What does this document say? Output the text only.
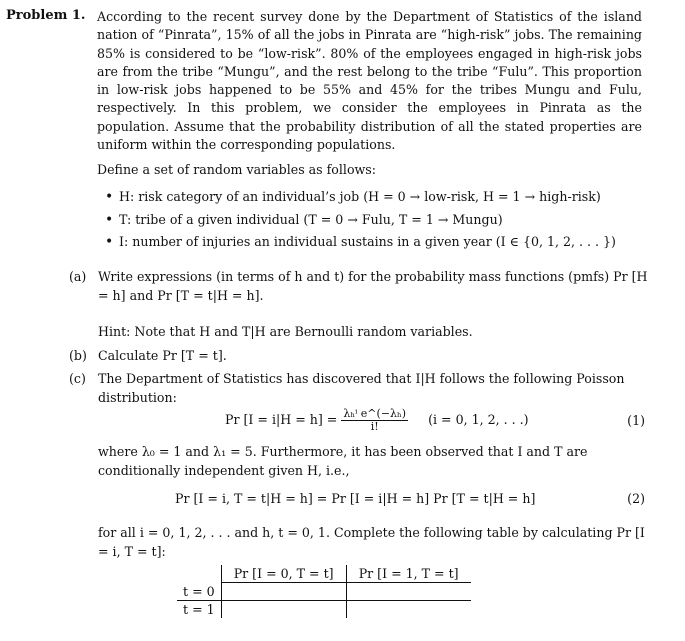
Problem 1. According to the recent survey done by the Department of Statistics of the island nation of “Pinrata”, 15% of all the jobs in Pinrata are “high-risk” jobs. The remaining 85% is considered to be “low-risk”. 80% of the employees engaged in high-risk jobs are from the tribe “Mungu”, and the rest belong to the tribe “Fulu”. This proportion in low-risk jobs happened to be 55% and 45% for the tribes Mungu and Fulu, respectively. In this problem, we consider the employees in Pinrata as the population. Assume that the probability distribution of all the stated properties are uniform within the corresponding populations.

Define a set of random variables as follows:
• H: risk category of an individual’s job (H = 0 → low-risk, H = 1 → high-risk)
• T: tribe of a given individual (T = 0 → Fulu, T = 1 → Mungu)
• I: number of injuries an individual sustains in a given year (I ∈ {0, 1, 2, . . . })
(a) Write expressions (in terms of h and t) for the probability mass functions (pmfs) Pr [H = h] and Pr [T = t|H = h].
Hint: Note that H and T|H are Bernoulli random variables.
(b) Calculate Pr [T = t].
(c) The Department of Statistics has discovered that I|H follows the following Poisson distribution:
Pr $[I = i|H = h] = \frac{\text{λₕⁱ e\textasciicircum{}(−λₕ)}}{i!} (i = 0$, 1, 2, . . .)	(1)
where λ₀ = 1 and λ₁ = 5. Furthermore, it has been observed that I and T are conditionally independent given H, i.e.,
Pr [I = i, T = t|H = h] = Pr [I = i|H = h] Pr [T = t|H = h]	(2)
for all i = 0, 1, 2, . . . and h, t = 0, 1. Complete the following table by calculating Pr [I = i, T = t]:
	Pr [I = 0, T = t]	Pr [I = 1, T = t]
t = 0		
t = 1		
